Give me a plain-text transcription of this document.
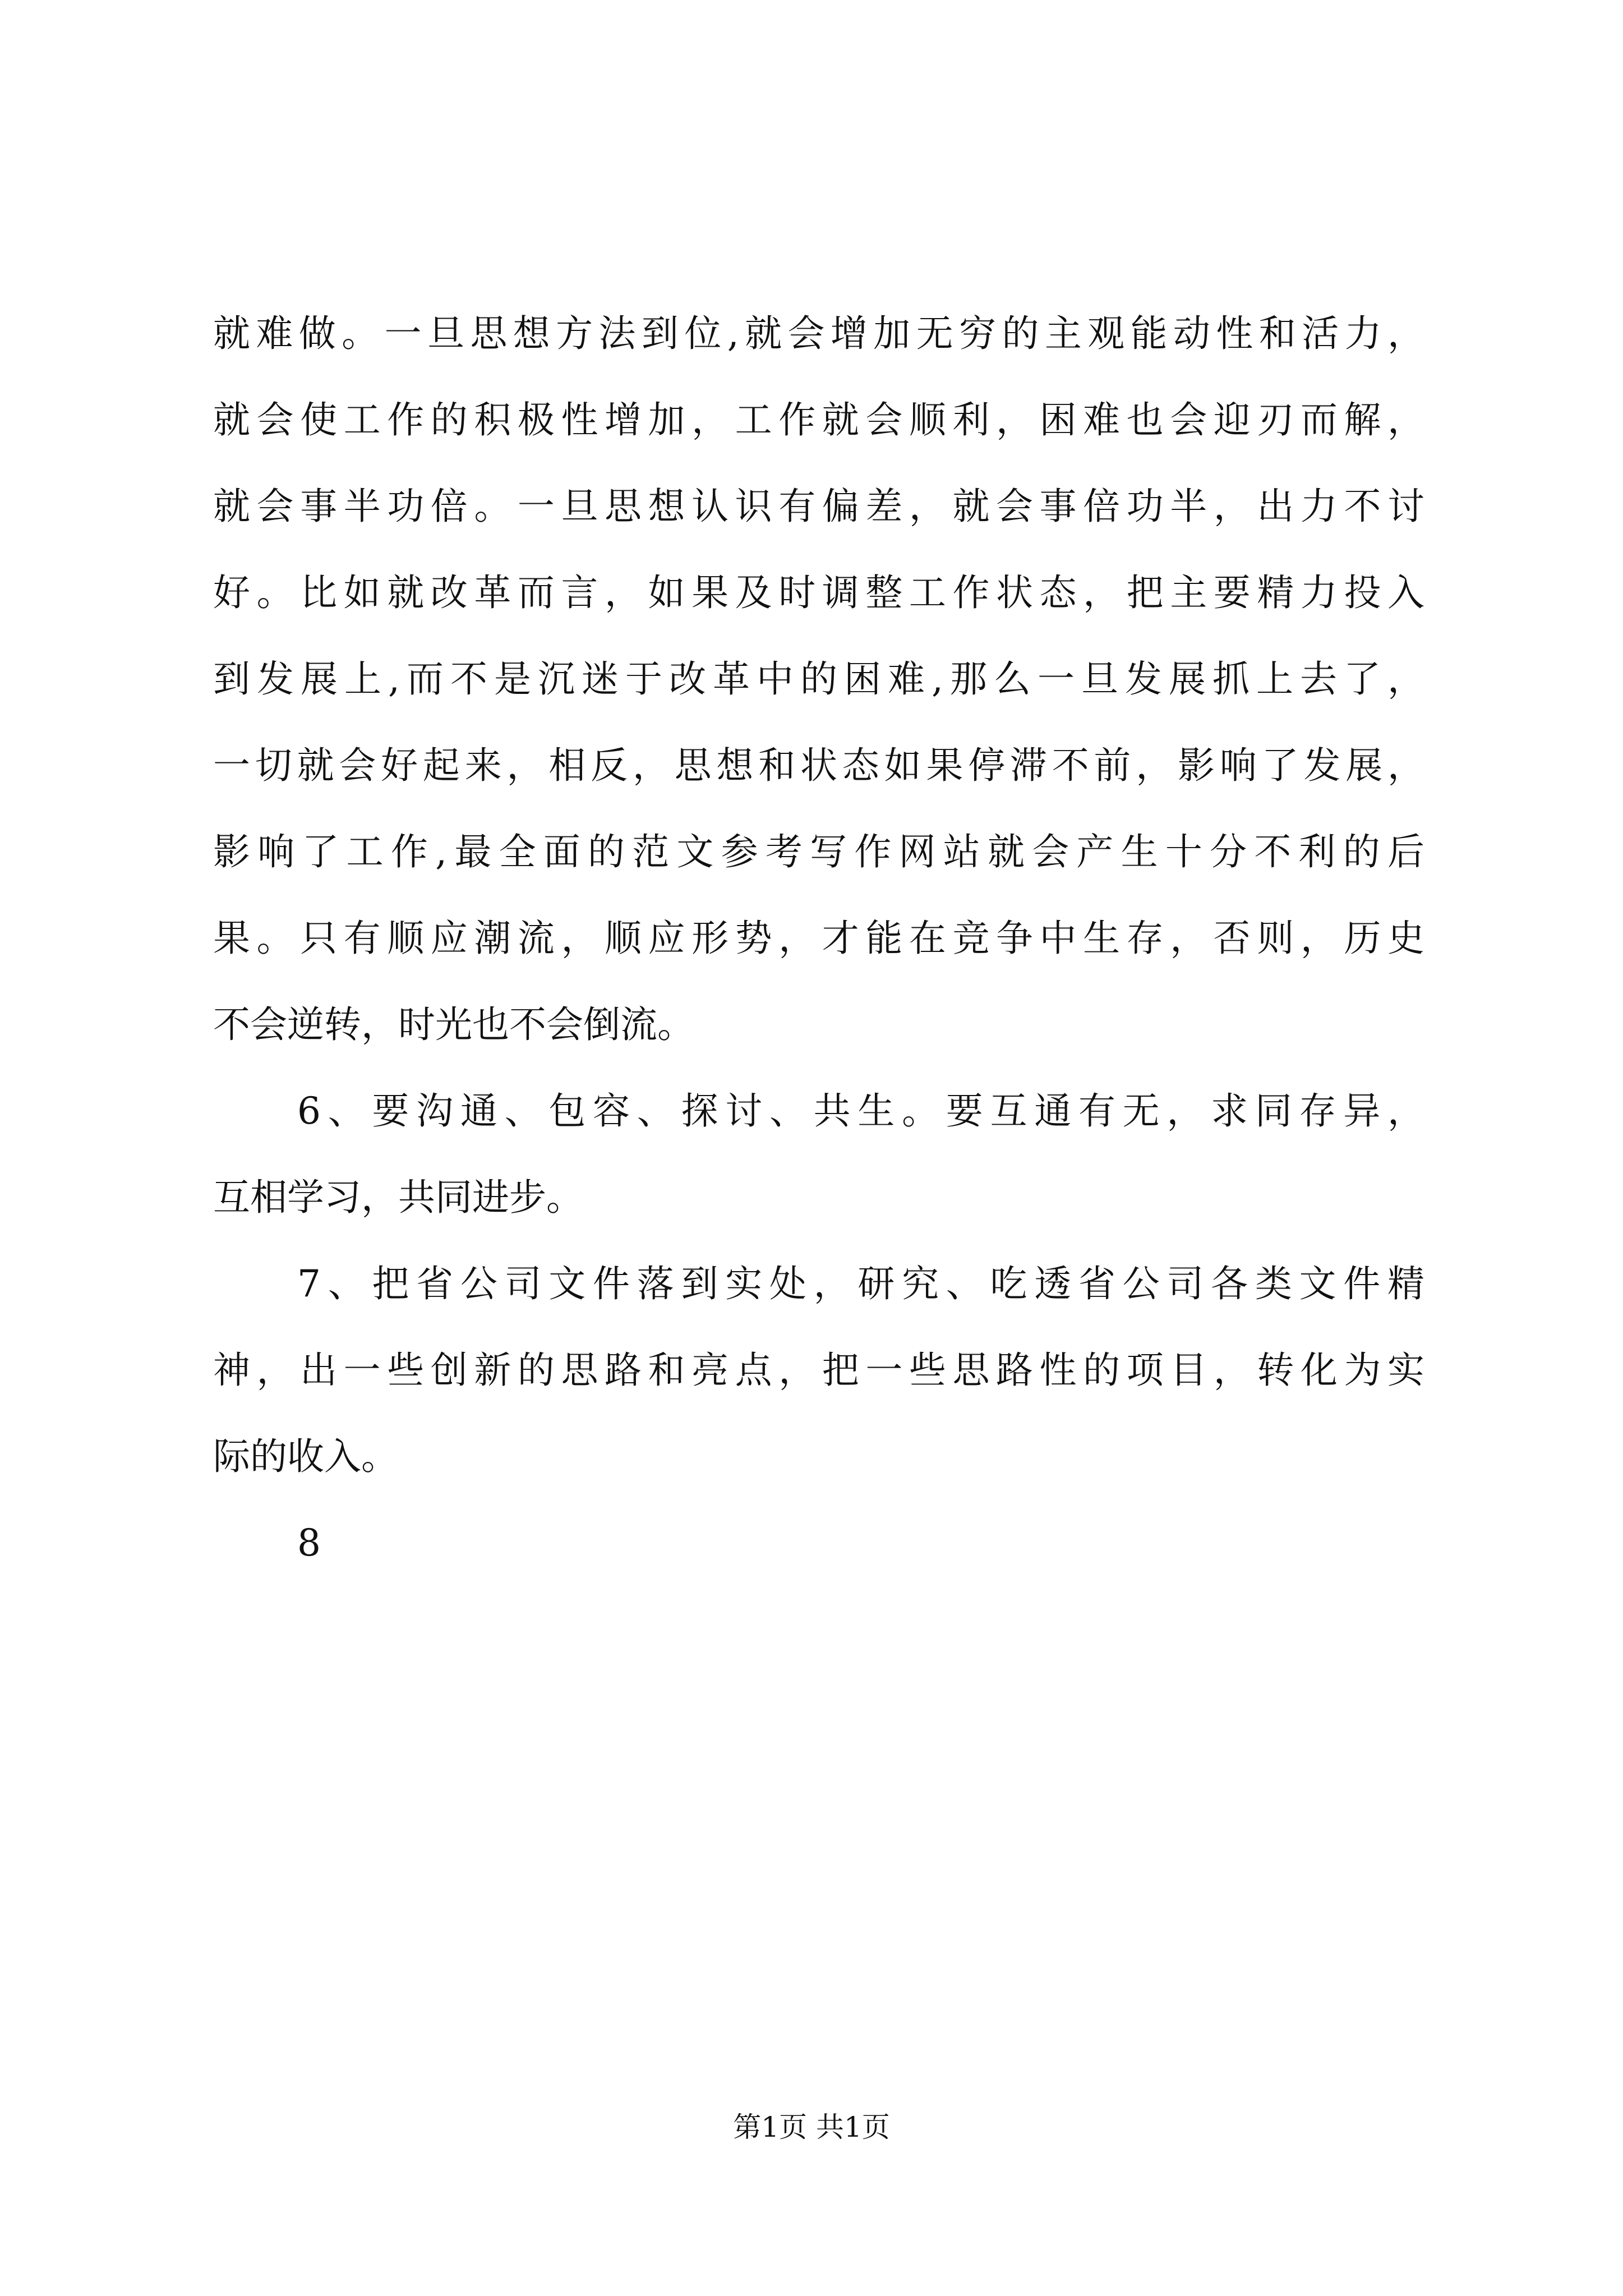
就难做。一旦思想方法到位,就会增加无穷的主观能动性和活力，
就会使工作的积极性增加，工作就会顺利，困难也会迎刃而解，
就会事半功倍。一旦思想认识有偏差，就会事倍功半，出力不讨
好。比如就改革而言，如果及时调整工作状态，把主要精力投入
到发展上,而不是沉迷于改革中的困难,那么一旦发展抓上去了，
一切就会好起来，相反，思想和状态如果停滞不前，影响了发展，
影响了工作,最全面的范文参考写作网站就会产生十分不利的后
果。只有顺应潮流，顺应形势，才能在竞争中生存，否则，历史
不会逆转，时光也不会倒流。
6、要沟通、包容、探讨、共生。要互通有无，求同存异，
互相学习，共同进步。
7、把省公司文件落到实处，研究、吃透省公司各类文件精
神，出一些创新的思路和亮点，把一些思路性的项目，转化为实
际的收入。
8
第1页 共1页
